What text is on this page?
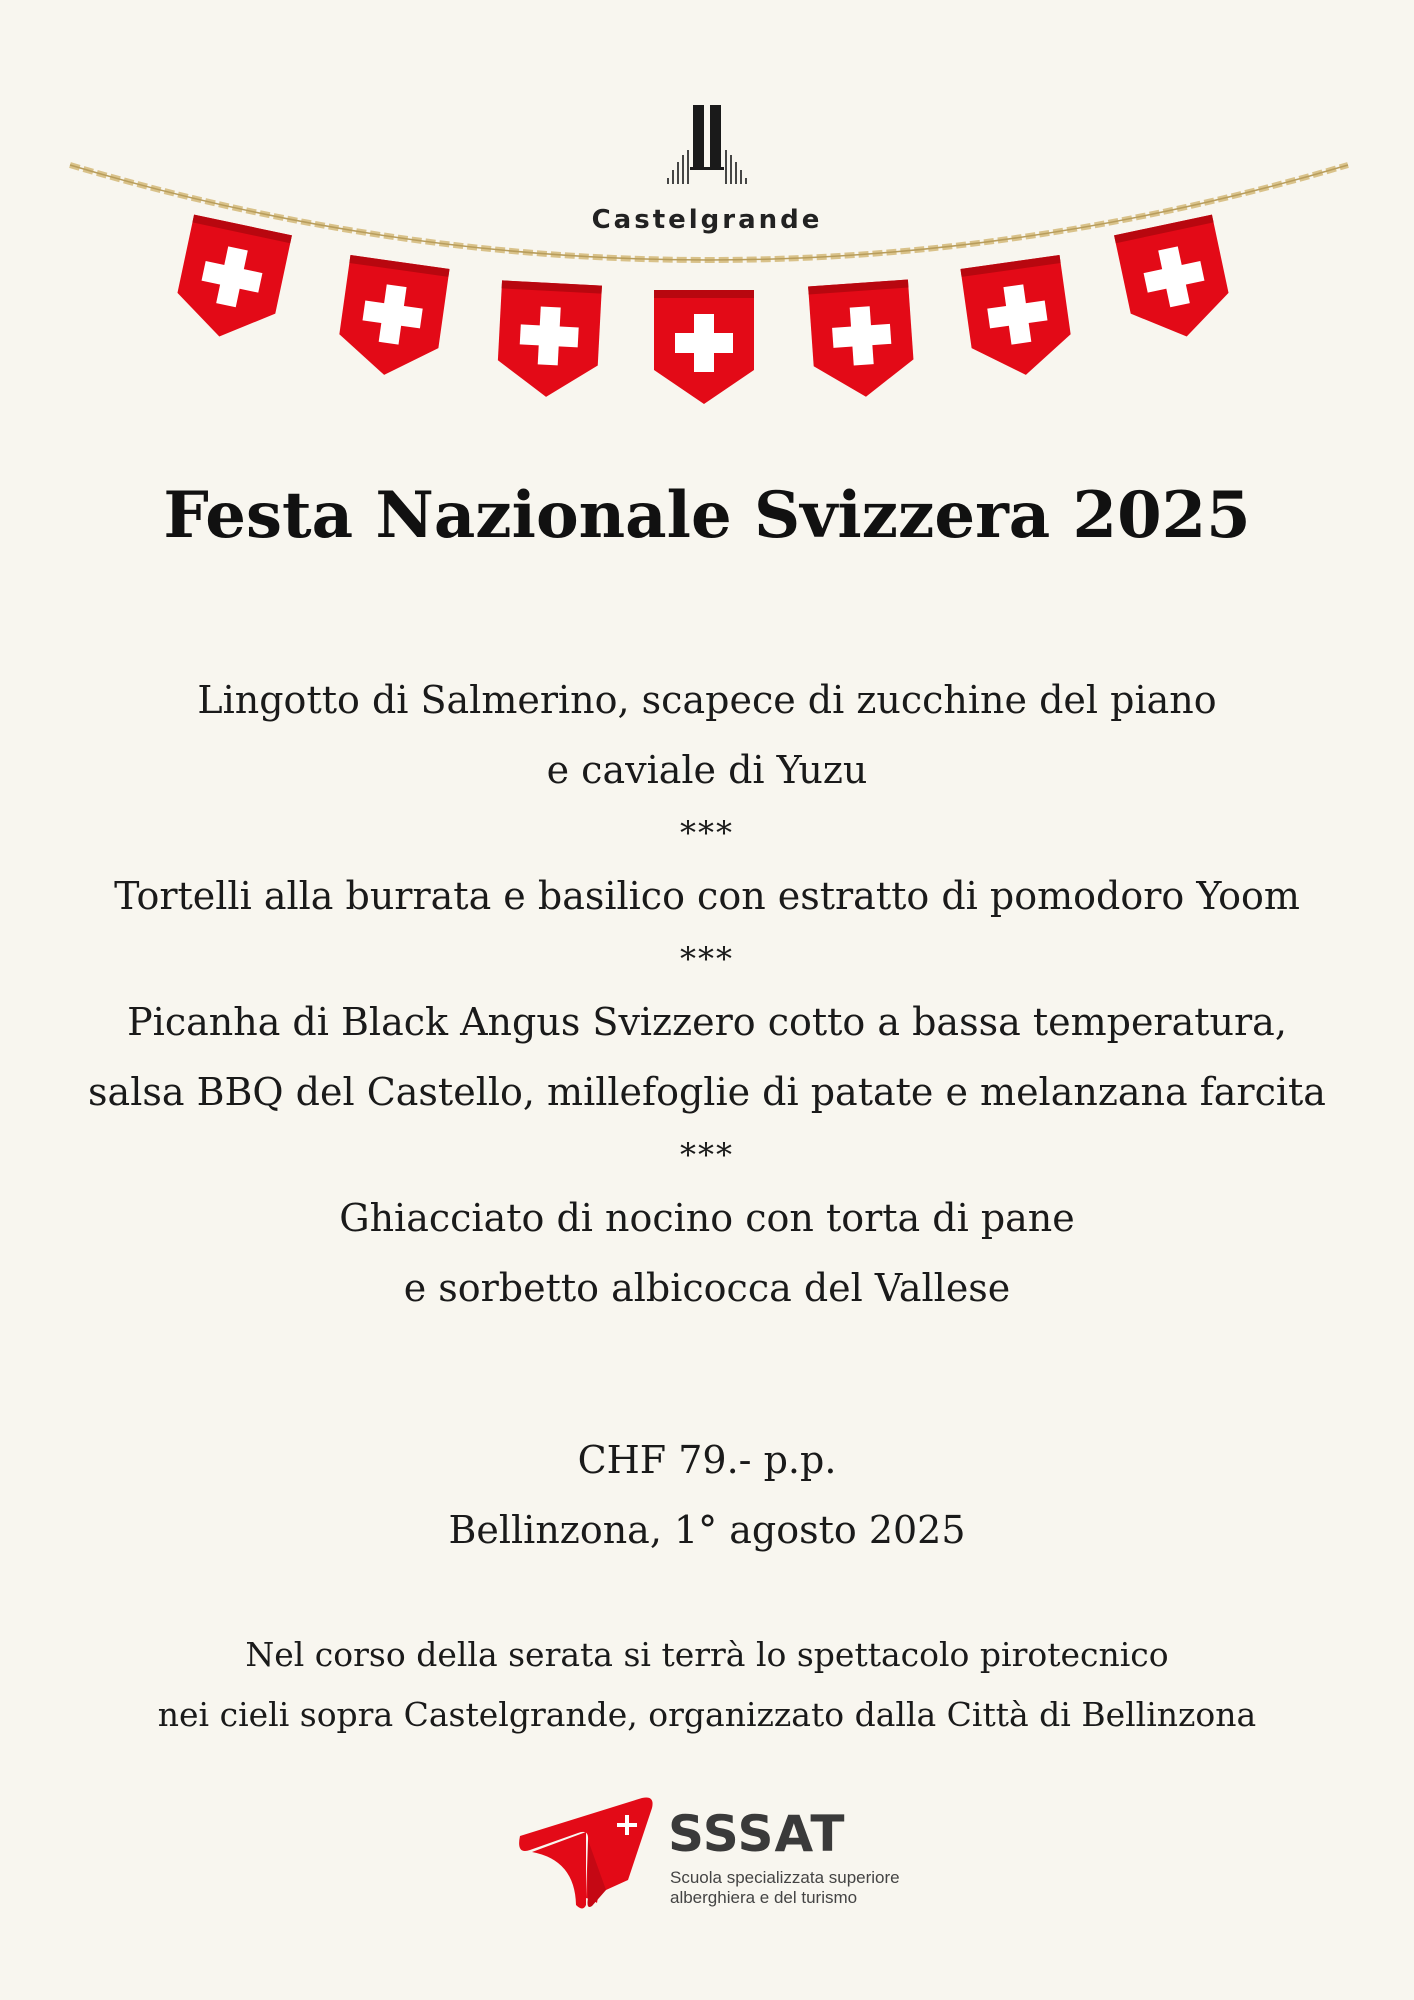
Castelgrande
Festa Nazionale Svizzera 2025
Lingotto di Salmerino, scapece di zucchine del piano
e caviale di Yuzu
***
Tortelli alla burrata e basilico con estratto di pomodoro Yoom
***
Picanha di Black Angus Svizzero cotto a bassa temperatura,
salsa BBQ del Castello, millefoglie di patate e melanzana farcita
***
Ghiacciato di nocino con torta di pane
e sorbetto albicocca del Vallese
CHF 79.- p.p.
Bellinzona, 1° agosto 2025
Nel corso della serata si terrà lo spettacolo pirotecnico
nei cieli sopra Castelgrande, organizzato dalla Città di Bellinzona
SSSAT
Scuola specializzata superiore
alberghiera e del turismo
